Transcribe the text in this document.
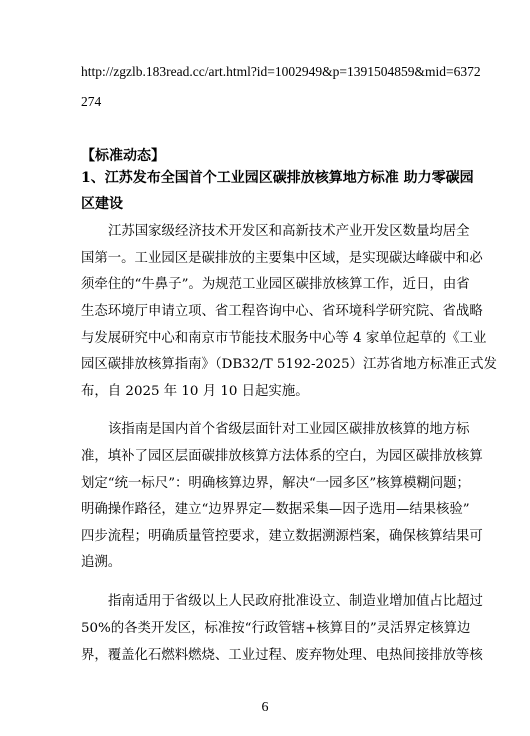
http://zgzlb.183read.cc/art.html?id=1002949&p=1391504859&mid=6372
274
【标准动态】
1、江苏发布全国首个工业园区碳排放核算地方标准 助力零碳园
区建设
江苏国家级经济技术开发区和高新技术产业开发区数量均居全
国第一。工业园区是碳排放的主要集中区域，是实现碳达峰碳中和必
须牵住的“牛鼻子”。为规范工业园区碳排放核算工作，近日，由省
生态环境厅申请立项、省工程咨询中心、省环境科学研究院、省战略
与发展研究中心和南京市节能技术服务中心等 4 家单位起草的《工业
园区碳排放核算指南》（DB32/T 5192-2025）江苏省地方标准正式发
布，自 2025 年 10 月 10 日起实施。
该指南是国内首个省级层面针对工业园区碳排放核算的地方标
准，填补了园区层面碳排放核算方法体系的空白，为园区碳排放核算
划定“统一标尺”：明确核算边界，解决“一园多区”核算模糊问题；
明确操作路径，建立“边界界定—数据采集—因子选用—结果核验”
四步流程；明确质量管控要求，建立数据溯源档案，确保核算结果可
追溯。
指南适用于省级以上人民政府批准设立、制造业增加值占比超过
50%的各类开发区，标准按“行政管辖+核算目的”灵活界定核算边
界，覆盖化石燃料燃烧、工业过程、废弃物处理、电热间接排放等核
6
